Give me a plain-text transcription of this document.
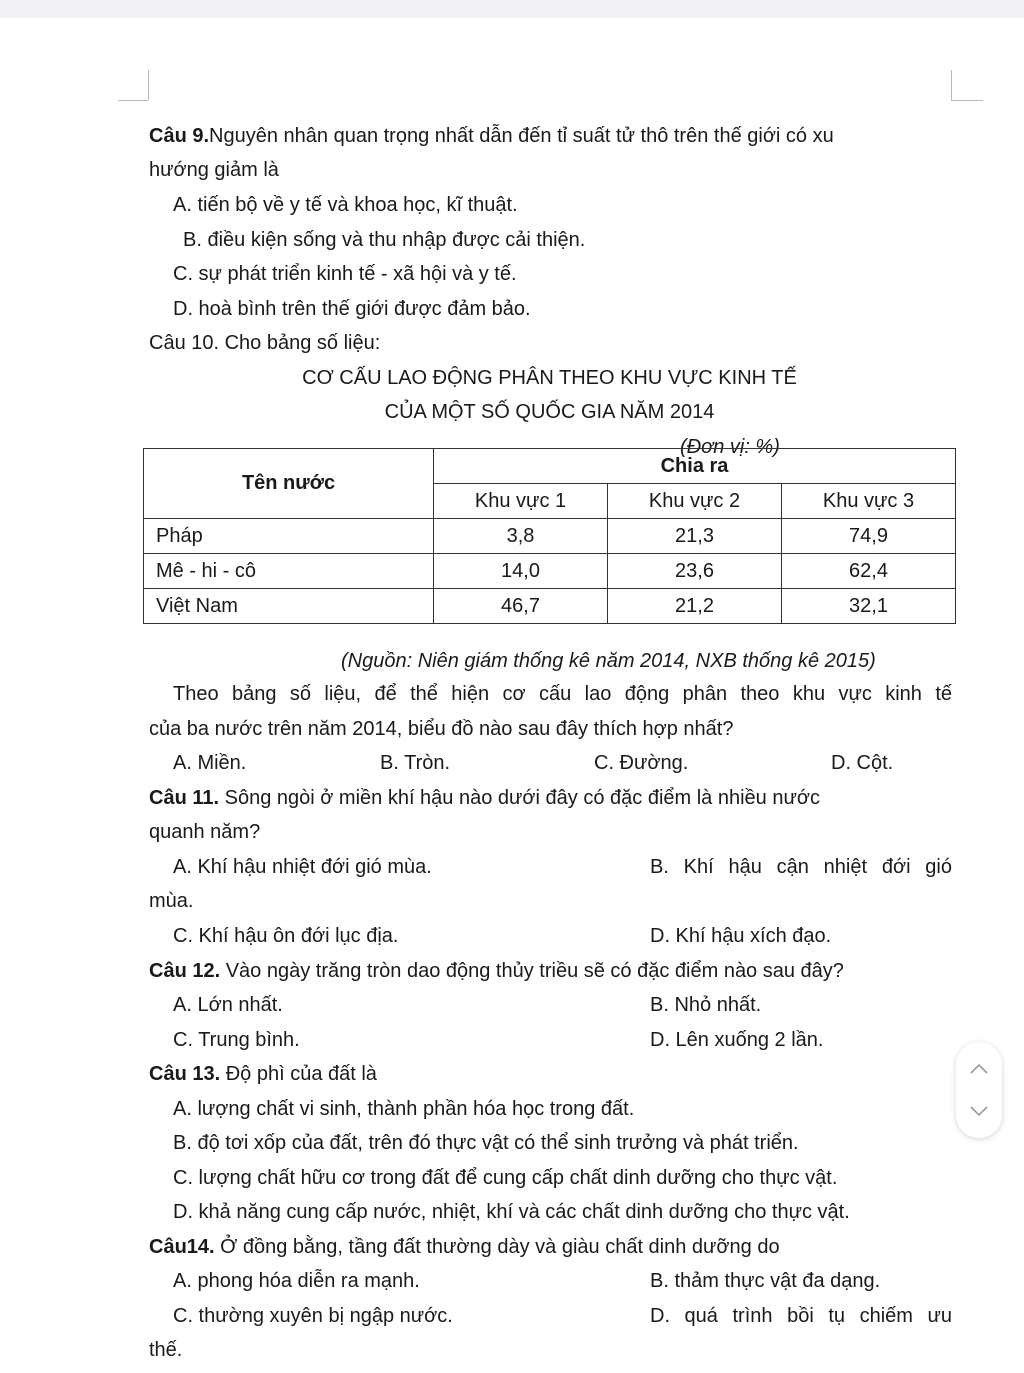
Câu 9.Nguyên nhân quan trọng nhất dẫn đến tỉ suất tử thô trên thế giới có xu
hướng giảm là
A. tiến bộ về y tế và khoa học, kĩ thuật.
B. điều kiện sống và thu nhập được cải thiện.
C. sự phát triển kinh tế - xã hội và y tế.
D. hoà bình trên thế giới được đảm bảo.
Câu 10. Cho bảng số liệu:
CƠ CẤU LAO ĐỘNG PHÂN THEO KHU VỰC KINH TẾ
CỦA MỘT SỐ QUỐC GIA NĂM 2014
(Đơn vị: %)
Tên nước	Chia ra		
	Khu vực 1	Khu vực 2	Khu vực 3
Pháp	3,8	21,3	74,9
Mê - hi - cô	14,0	23,6	62,4
Việt Nam	46,7	21,2	32,1
(Nguồn: Niên giám thống kê năm 2014, NXB thống kê 2015)
Theo bảng số liệu, để thể hiện cơ cấu lao động phân theo khu vực kinh tế
của ba nước trên năm 2014, biểu đồ nào sau đây thích hợp nhất?
A. Miền.	B. Tròn.	C. Đường.	D. Cột.
Câu 11. Sông ngòi ở miền khí hậu nào dưới đây có đặc điểm là nhiều nước
quanh năm?
A. Khí hậu nhiệt đới gió mùa.	B. Khí hậu cận nhiệt đới gió
mùa.
C. Khí hậu ôn đới lục địa.	D. Khí hậu xích đạo.
Câu 12. Vào ngày trăng tròn dao động thủy triều sẽ có đặc điểm nào sau đây?
A. Lớn nhất.	B. Nhỏ nhất.
C. Trung bình.	D. Lên xuống 2 lần.
Câu 13. Độ phì của đất là
A. lượng chất vi sinh, thành phần hóa học trong đất.
B. độ tơi xốp của đất, trên đó thực vật có thể sinh trưởng và phát triển.
C. lượng chất hữu cơ trong đất để cung cấp chất dinh dưỡng cho thực vật.
D. khả năng cung cấp nước, nhiệt, khí và các chất dinh dưỡng cho thực vật.
Câu14. Ở đồng bằng, tầng đất thường dày và giàu chất dinh dưỡng do
A. phong hóa diễn ra mạnh.	B. thảm thực vật đa dạng.
C. thường xuyên bị ngập nước.	D. quá trình bồi tụ chiếm ưu
thế.
